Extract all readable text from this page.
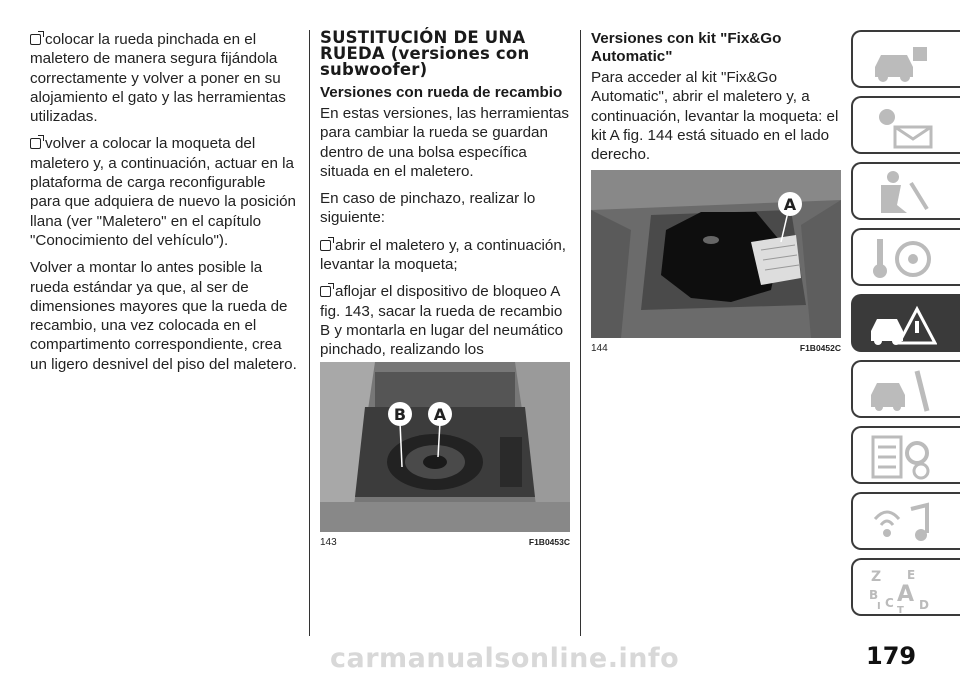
colocar la rueda pinchada en el maletero de manera segura fijándola correctamente y volver a poner en su alojamiento el gato y las herramientas utilizadas.

volver a colocar la moqueta del maletero y, a continuación, actuar en la plataforma de carga reconfigurable para que adquiera de nuevo la posición llana (ver "Maletero" en el capítulo "Conocimiento del vehículo").

Volver a montar lo antes posible la rueda estándar ya que, al ser de dimensiones mayores que la rueda de recambio, una vez colocada en el compartimento correspondiente, crea un ligero desnivel del piso del maletero.

SUSTITUCIÓN DE UNA RUEDA (versiones con subwoofer)
Versiones con rueda de recambio

En estas versiones, las herramientas para cambiar la rueda se guardan dentro de una bolsa específica situada en el maletero.

En caso de pinchazo, realizar lo siguiente:

abrir el maletero y, a continuación, levantar la moqueta;

aflojar el dispositivo de bloqueo A fig. 143, sacar la rueda de recambio B y montarla en lugar del neumático pinchado, realizando los

B A
143	F1B0453C
Versiones con kit "Fix&Go Automatic"

Para acceder al kit "Fix&Go Automatic", abrir el maletero y, a continuación, levantar la moqueta: el kit A fig. 144 está situado en el lado derecho.

A
144	F1B0452C
Z E
B A D
C
T
I
179
carmanualsonline.info
